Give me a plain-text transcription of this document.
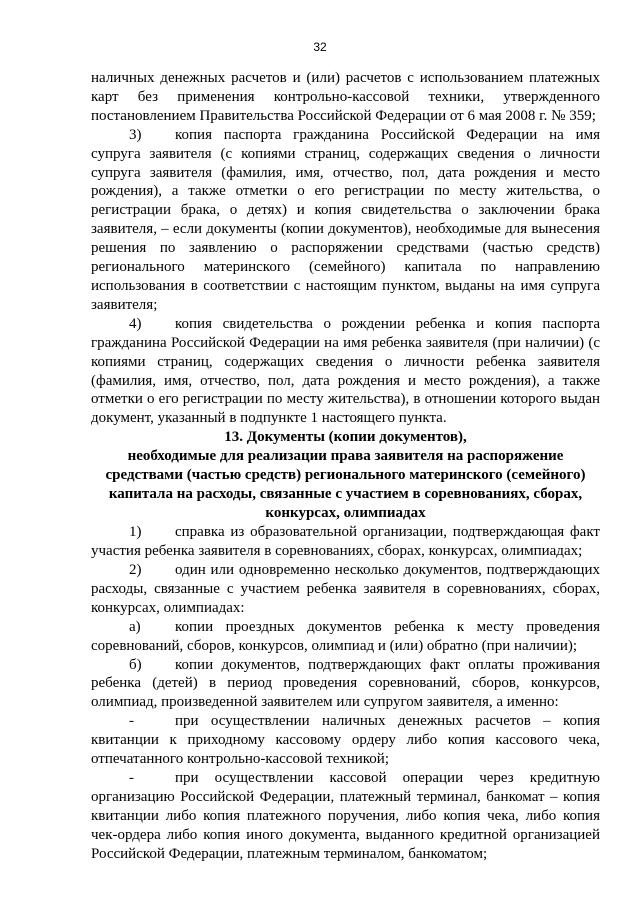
32

наличных денежных расчетов и (или) расчетов с использованием платежных карт без применения контрольно-кассовой техники, утвержденного постановлением Правительства Российской Федерации от 6 мая 2008 г. № 359;

3) копия паспорта гражданина Российской Федерации на имя супруга заявителя (с копиями страниц, содержащих сведения о личности супруга заявителя (фамилия, имя, отчество, пол, дата рождения и место рождения), а также отметки о его регистрации по месту жительства, о регистрации брака, о детях) и копия свидетельства о заключении брака заявителя, – если документы (копии документов), необходимые для вынесения решения по заявлению о распоряжении средствами (частью средств) регионального материнского (семейного) капитала по направлению использования в соответствии с настоящим пунктом, выданы на имя супруга заявителя;

4) копия свидетельства о рождении ребенка и копия паспорта гражданина Российской Федерации на имя ребенка заявителя (при наличии) (с копиями страниц, содержащих сведения о личности ребенка заявителя (фамилия, имя, отчество, пол, дата рождения и место рождения), а также отметки о его регистрации по месту жительства), в отношении которого выдан документ, указанный в подпункте 1 настоящего пункта.

13. Документы (копии документов),
необходимые для реализации права заявителя на распоряжение средствами (частью средств) регионального материнского (семейного) капитала на расходы, связанные с участием в соревнованиях, сборах, конкурсах, олимпиадах

1) справка из образовательной организации, подтверждающая факт участия ребенка заявителя в соревнованиях, сборах, конкурсах, олимпиадах;

2) один или одновременно несколько документов, подтверждающих расходы, связанные с участием ребенка заявителя в соревнованиях, сборах, конкурсах, олимпиадах:

а) копии проездных документов ребенка к месту проведения соревнований, сборов, конкурсов, олимпиад и (или) обратно (при наличии);

б) копии документов, подтверждающих факт оплаты проживания ребенка (детей) в период проведения соревнований, сборов, конкурсов, олимпиад, произведенной заявителем или супругом заявителя, а именно:

-	при осуществлении наличных денежных расчетов – копия квитанции к приходному кассовому ордеру либо копия кассового чека, отпечатанного контрольно-кассовой техникой;

-	при осуществлении кассовой операции через кредитную организацию Российской Федерации, платежный терминал, банкомат – копия квитанции либо копия платежного поручения, либо копия чека, либо копия чек-ордера либо копия иного документа, выданного кредитной организацией Российской Федерации, платежным терминалом, банкоматом;
